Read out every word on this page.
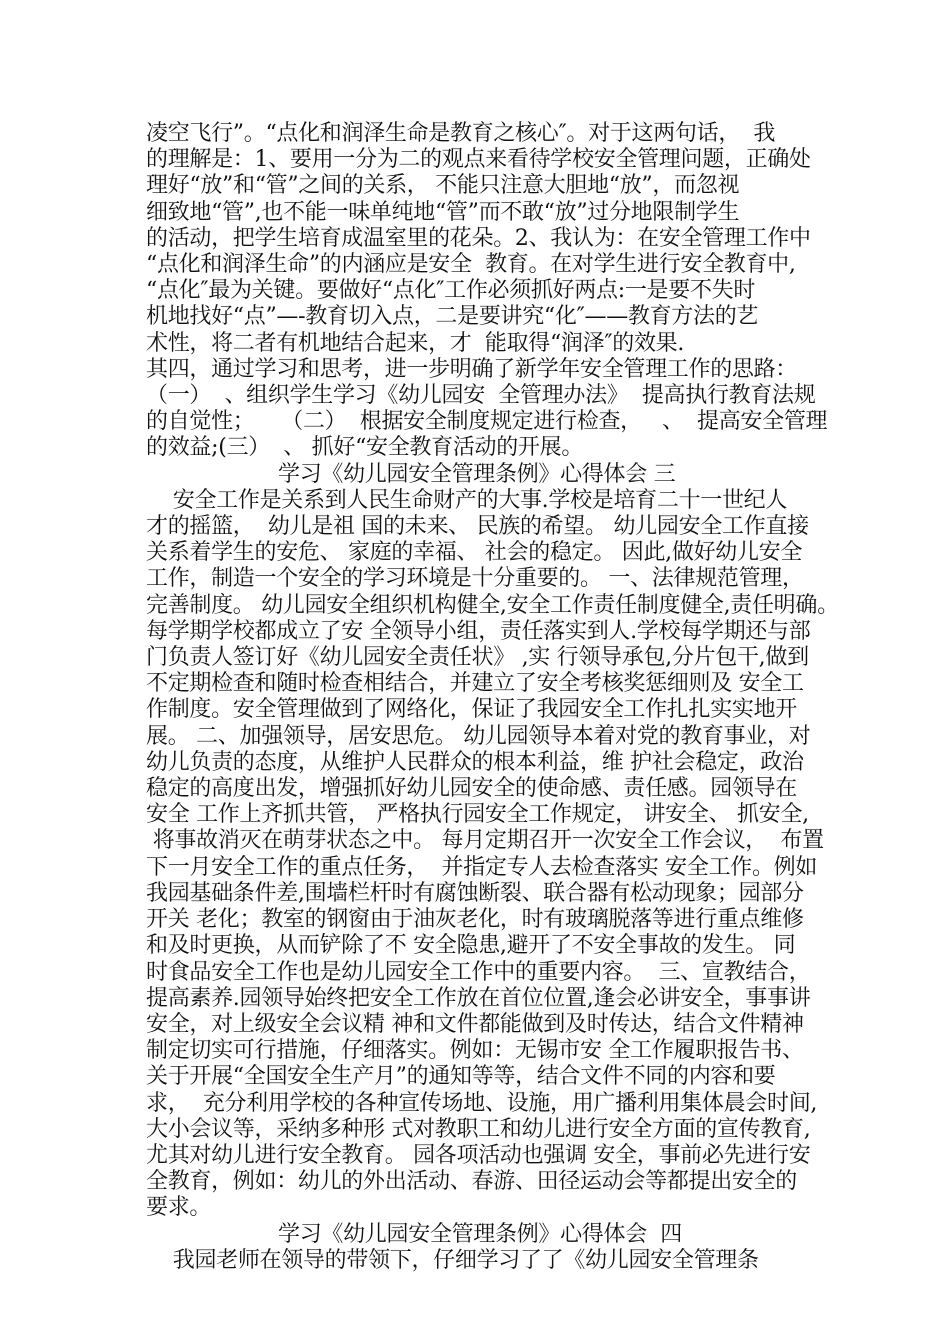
凌空飞行”。“点化和润泽生命是教育之核心″。对于这两句话，  我
的理解是：1、要用一分为二的观点来看待学校安全管理问题，正确处
理好“放”和“管”之间的关系， 不能只注意大胆地“放”，而忽视
细致地“管”,也不能一味单纯地“管”而不敢“放”过分地限制学生
的活动，把学生培育成温室里的花朵。2、我认为：在安全管理工作中
“点化和润泽生命”的内涵应是安全  教育。在对学生进行安全教育中,
“点化″最为关键。要做好“点化″工作必须抓好两点:一是要不失时
机地找好“点”—-教育切入点，二是要讲究“化″——教育方法的艺
术性，将二者有机地结合起来，才  能取得“润泽″的效果.
其四，通过学习和思考，进一步明确了新学年安全管理工作的思路：
（一）  、组织学生学习《幼儿园安  全管理办法》  提高执行教育法规
的自觉性；    （二）  根据安全制度规定进行检查，   、  提高安全管理
的效益;(三）  、 抓好“安全教育活动的开展。
学习《幼儿园安全管理条例》心得体会 三
安全工作是关系到人民生命财产的大事.学校是培育二十一世纪人
才的摇篮，  幼儿是祖 国的未来、 民族的希望。 幼儿园安全工作直接
关系着学生的安危、 家庭的幸福、 社会的稳定。 因此,做好幼儿安全
工作，制造一个安全的学习环境是十分重要的。 一、法律规范管理，
完善制度。 幼儿园安全组织机构健全,安全工作责任制度健全,责任明确。
每学期学校都成立了安 全领导小组，责任落实到人.学校每学期还与部
门负责人签订好《幼儿园安全责任状》 ,实 行领导承包,分片包干,做到
不定期检查和随时检查相结合，并建立了安全考核奖惩细则及 安全工
作制度。安全管理做到了网络化，保证了我园安全工作扎扎实实地开
展。 二、加强领导，居安思危。 幼儿园领导本着对党的教育事业，对
幼儿负责的态度，从维护人民群众的根本利益，维 护社会稳定，政治
稳定的高度出发，增强抓好幼儿园安全的使命感、责任感。园领导在
安全 工作上齐抓共管， 严格执行园安全工作规定， 讲安全、 抓安全,
将事故消灭在萌芽状态之中。 每月定期召开一次安全工作会议，  布置
下一月安全工作的重点任务，  并指定专人去检查落实 安全工作。例如
我园基础条件差,围墙栏杆时有腐蚀断裂、联合器有松动现象；园部分
开关 老化；教室的钢窗由于油灰老化，时有玻璃脱落等进行重点维修
和及时更换，从而铲除了不 安全隐患,避开了不安全事故的发生。 同
时食品安全工作也是幼儿园安全工作中的重要内容。  三、宣教结合，
提高素养.园领导始终把安全工作放在首位位置,逢会必讲安全，事事讲
安全，对上级安全会议精 神和文件都能做到及时传达，结合文件精神
制定切实可行措施，仔细落实。例如：无锡市安 全工作履职报告书、
关于开展“全国安全生产月”的通知等等，结合文件不同的内容和要
求，  充分利用学校的各种宣传场地、设施，用广播利用集体晨会时间,
大小会议等，采纳多种形 式对教职工和幼儿进行安全方面的宣传教育,
尤其对幼儿进行安全教育。 园各项活动也强调 安全，事前必先进行安
全教育，例如：幼儿的外出活动、春游、田径运动会等都提出安全的
要求。
学习《幼儿园安全管理条例》心得体会  四
我园老师在领导的带领下，仔细学习了了《幼儿园安全管理条
